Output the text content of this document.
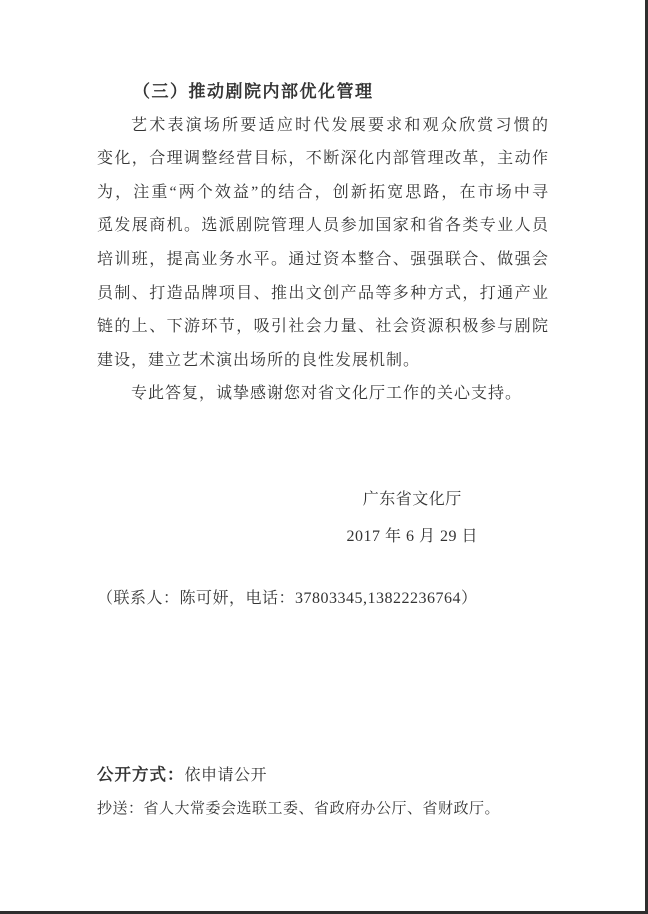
（三）推动剧院内部优化管理
艺术表演场所要适应时代发展要求和观众欣赏习惯的
变化，合理调整经营目标，不断深化内部管理改革，主动作
为，注重“两个效益”的结合，创新拓宽思路，在市场中寻
觅发展商机。选派剧院管理人员参加国家和省各类专业人员
培训班，提高业务水平。通过资本整合、强强联合、做强会
员制、打造品牌项目、推出文创产品等多种方式，打通产业
链的上、下游环节，吸引社会力量、社会资源积极参与剧院
建设，建立艺术演出场所的良性发展机制。
专此答复，诚挚感谢您对省文化厅工作的关心支持。
广东省文化厅
2017 年 6 月 29 日
（联系人：陈可妍，电话：37803345,13822236764）
公开方式：依申请公开
抄送：省人大常委会选联工委、省政府办公厅、省财政厅。
